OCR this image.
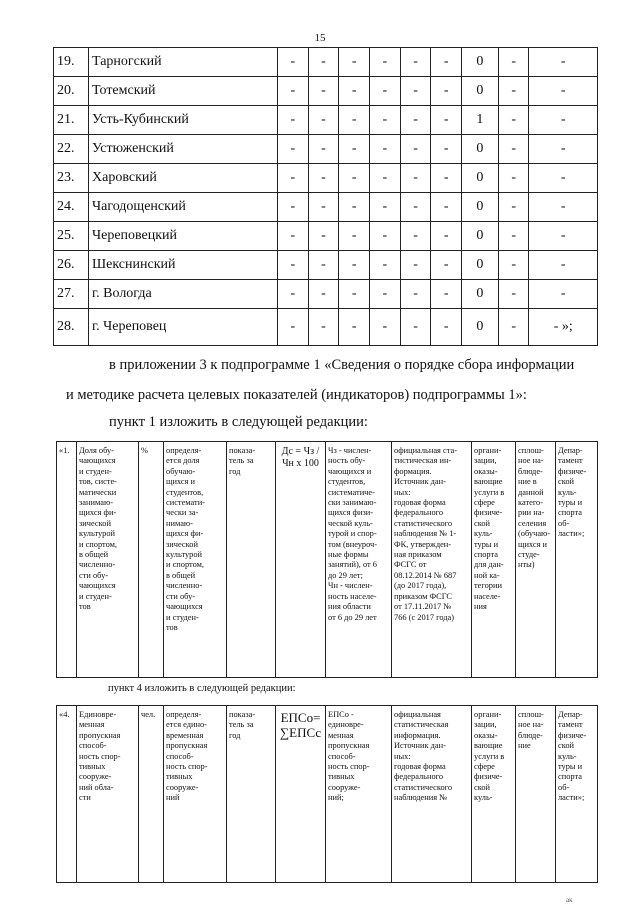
15
19.	Тарногский	-	-	-	-	-	-	0	-	-
20.	Тотемский	-	-	-	-	-	-	0	-	-
21.	Усть-Кубинский	-	-	-	-	-	-	1	-	-
22.	Устюженский	-	-	-	-	-	-	0	-	-
23.	Харовский	-	-	-	-	-	-	0	-	-
24.	Чагодощенский	-	-	-	-	-	-	0	-	-
25.	Череповецкий	-	-	-	-	-	-	0	-	-
26.	Шекснинский	-	-	-	-	-	-	0	-	-
27.	г. Вологда	-	-	-	-	-	-	0	-	-
28.	г. Череповец	-	-	-	-	-	-	0	-	- »;
в приложении 3 к подпрограмме 1 «Сведения о порядке сбора информации
и методике расчета целевых показателей (индикаторов) подпрограммы 1»:
пункт 1 изложить в следующей редакции:
«1.	Доля обу-
чающихся
и студен-
тов, систе-
матически
занимаю-
щихся фи-
зической
культурой
и спортом,
в общей
численно-
сти обу-
чающихся
и студен-
тов

%	определя-
ется доля
обучаю-
щихся и
студентов,
системати-
чески за-
нимаю-
щихся фи-
зической
культурой
и спортом,
в общей
численно-
сти обу-
чающихся
и студен-
тов

показа-
тель за
год

Дс = Чз /
Чн х 100

Чз - числен-
ность обу-
чающихся и
студентов,
систематиче-
ски занимаю-
щихся физи-
ческой куль-
турой и спор-
том (внеуроч-
ные формы
занятий), от 6
до 29 лет;
Чн - числен-
ность населе-
ния области
от 6 до 29 лет

официальная ста-
тистическая ин-
формация.
Источник дан-
ных:
годовая форма
федерального
статистического
наблюдения № 1-
ФК, утвержден-
ная приказом
ФСГС от
08.12.2014 № 687
(до 2017 года),
приказом ФСГС
от 17.11.2017 №
766 (с 2017 года)

органи-
зации,
оказы-
вающие
услуги в
сфере
физиче-
ской
куль-
туры и
спорта
для дан-
ной ка-
тегории
населе-
ния

сплош-
ное на-
блюде-
ние в
данной
катего-
рии на-
селения
(обучаю-
щихся и
студе-
нты)

Депар-
тамент
физиче-
ской
куль-
туры и
спорта
об-
ласти»;
пункт 4 изложить в следующей редакции:
«4.	Единовре-
менная
пропускная
способ-
ность спор-
тивных
сооруже-
ний обла-
сти

чел.	определя-
ется едино-
временная
пропускная
способ-
ность спор-
тивных
сооруже-
ний

показа-
тель за
год

ЕПСо=
∑ЕПСс

ЕПСо -
единовре-
менная
пропускная
способ-
ность спор-
тивных
сооруже-
ний;

официальная
статистическая
информация.
Источник дан-
ных:
годовая форма
федерального
статистического
наблюдения №

органи-
зации,
оказы-
вающие
услуги в
сфере
физиче-
ской
куль-

сплош-
ное на-
блюде-
ние

Депар-
тамент
физиче-
ской
куль-
туры и
спорта
об-
ласти»;
ак
